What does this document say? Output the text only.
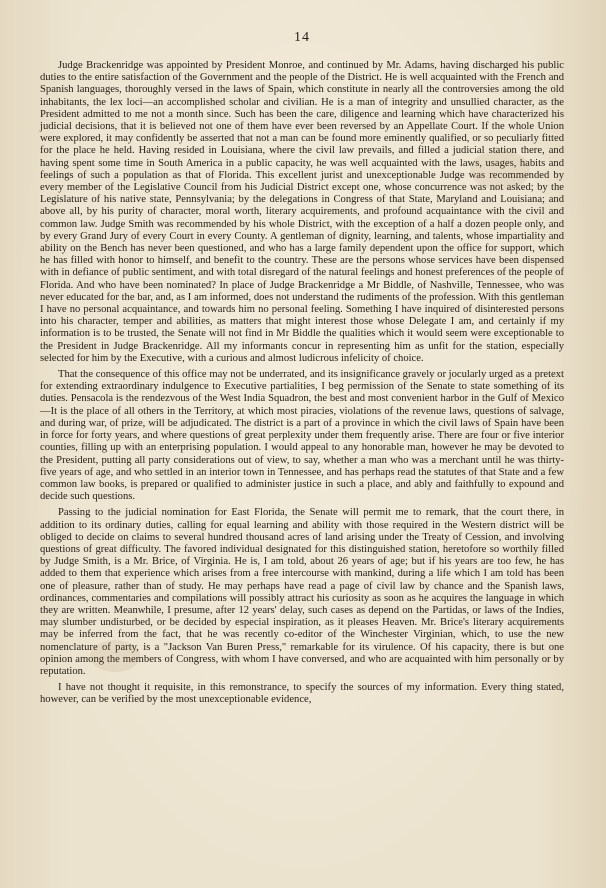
14

Judge Brackenridge was appointed by President Monroe, and continued by Mr. Adams, having discharged his public duties to the entire satisfaction of the Government and the people of the District. He is well acquainted with the French and Spanish languages, thoroughly versed in the laws of Spain, which constitute in nearly all the controversies among the old inhabitants, the lex loci—an accomplished scholar and civilian. He is a man of integrity and unsullied character, as the President admitted to me not a month since. Such has been the care, diligence and learning which have characterized his judicial decisions, that it is believed not one of them have ever been reversed by an Appellate Court. If the whole Union were explored, it may confidently be asserted that not a man can be found more eminently qualified, or so peculiarly fitted for the place he held. Having resided in Louisiana, where the civil law prevails, and filled a judicial station there, and having spent some time in South America in a public capacity, he was well acquainted with the laws, usages, habits and feelings of such a population as that of Florida. This excellent jurist and unexceptionable Judge was recommended by every member of the Legislative Council from his Judicial District except one, whose concurrence was not asked; by the Legislature of his native state, Pennsylvania; by the delegations in Congress of that State, Maryland and Louisiana; and above all, by his purity of character, moral worth, literary acquirements, and profound acquaintance with the civil and common law. Judge Smith was recommended by his whole District, with the exception of a half a dozen people only, and by every Grand Jury of every Court in every County. A gentleman of dignity, learning, and talents, whose impartiality and ability on the Bench has never been questioned, and who has a large family dependent upon the office for support, which he has filled with honor to himself, and benefit to the country. These are the persons whose services have been dispensed with in defiance of public sentiment, and with total disregard of the natural feelings and honest preferences of the people of Florida. And who have been nominated? In place of Judge Brackenridge a Mr Biddle, of Nashville, Tennessee, who was never educated for the bar, and, as I am informed, does not understand the rudiments of the profession. With this gentleman I have no personal acquaintance, and towards him no personal feeling. Something I have inquired of disinterested persons into his character, temper and abilities, as matters that might interest those whose Delegate I am, and certainly if my information is to be trusted, the Senate will not find in Mr Biddle the qualities which it would seem were exceptionable to the President in Judge Brackenridge. All my informants concur in representing him as unfit for the station, especially selected for him by the Executive, with a curious and almost ludicrous infelicity of choice.

That the consequence of this office may not be underrated, and its insignificance gravely or jocularly urged as a pretext for extending extraordinary indulgence to Executive partialities, I beg permission of the Senate to state something of its duties. Pensacola is the rendezvous of the West India Squadron, the best and most convenient harbor in the Gulf of Mexico—It is the place of all others in the Territory, at which most piracies, violations of the revenue laws, questions of salvage, and during war, of prize, will be adjudicated. The district is a part of a province in which the civil laws of Spain have been in force for forty years, and where questions of great perplexity under them frequently arise. There are four or five interior counties, filling up with an enterprising population. I would appeal to any honorable man, however he may be devoted to the President, putting all party considerations out of view, to say, whether a man who was a merchant until he was thirty-five years of age, and who settled in an interior town in Tennessee, and has perhaps read the statutes of that State and a few common law books, is prepared or qualified to administer justice in such a place, and ably and faithfully to expound and decide such questions.

Passing to the judicial nomination for East Florida, the Senate will permit me to remark, that the court there, in addition to its ordinary duties, calling for equal learning and ability with those required in the Western district will be obliged to decide on claims to several hundred thousand acres of land arising under the Treaty of Cession, and involving questions of great difficulty. The favored individual designated for this distinguished station, heretofore so worthily filled by Judge Smith, is a Mr. Brice, of Virginia. He is, I am told, about 26 years of age; but if his years are too few, he has added to them that experience which arises from a free intercourse with mankind, during a life which I am told has been one of pleasure, rather than of study. He may perhaps have read a page of civil law by chance and the Spanish laws, ordinances, commentaries and compilations will possibly attract his curiosity as soon as he acquires the language in which they are written. Meanwhile, I presume, after 12 years' delay, such cases as depend on the Partidas, or laws of the Indies, may slumber undisturbed, or be decided by especial inspiration, as it pleases Heaven. Mr. Brice's literary acquirements may be inferred from the fact, that he was recently co-editor of the Winchester Virginian, which, to use the new nomenclature of party, is a "Jackson Van Buren Press," remarkable for its virulence. Of his capacity, there is but one opinion among the members of Congress, with whom I have conversed, and who are acquainted with him personally or by reputation.

I have not thought it requisite, in this remonstrance, to specify the sources of my information. Every thing stated, however, can be verified by the most unexceptionable evidence,
